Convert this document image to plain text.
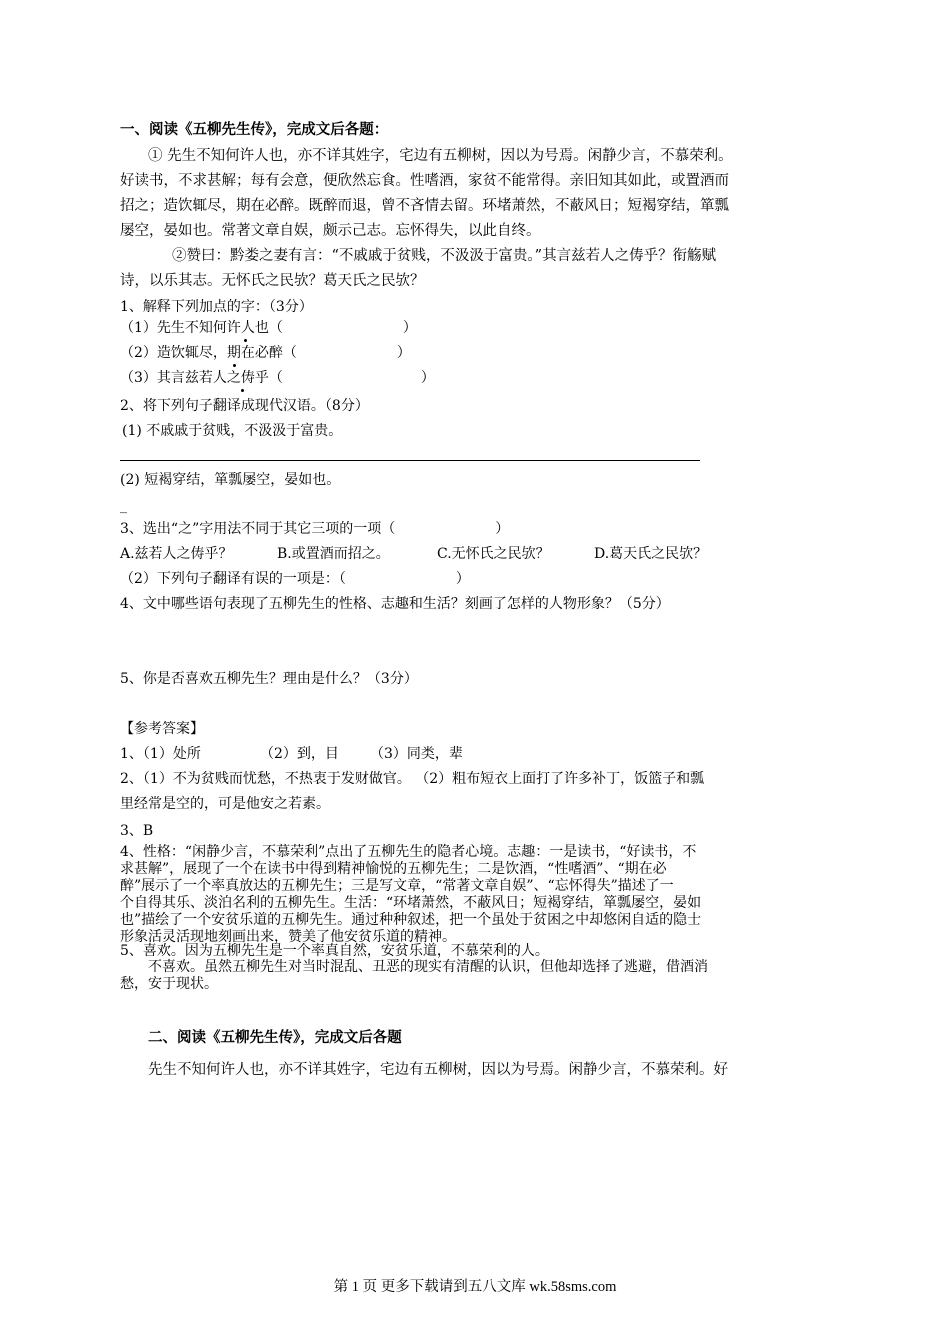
一、阅读《五柳先生传》，完成文后各题：
① 先生不知何许人也，亦不详其姓字，宅边有五柳树，因以为号焉。闲静少言，不慕荣利。
好读书，不求甚解；每有会意，便欣然忘食。性嗜酒，家贫不能常得。亲旧知其如此，或置酒而
招之；造饮辄尽，期在必醉。既醉而退，曾不吝情去留。环堵萧然，不蔽风日；短褐穿结，箪瓢
屡空，晏如也。常著文章自娱，颇示己志。忘怀得失，以此自终。
②赞曰：黔娄之妻有言：“不戚戚于贫贱，不汲汲于富贵。”其言兹若人之俦乎？衔觞赋
诗，以乐其志。无怀氏之民欤？葛天氏之民欤？
1、解释下列加点的字：（3分）
（1）先生不知何许人也（	）
（2）造饮辄尽，期在必醉（	）
（3）其言兹若人之俦乎（	）
2、将下列句子翻译成现代汉语。（8分）
(1) 不戚戚于贫贱，不汲汲于富贵。
(2) 短褐穿结，箪瓢屡空，晏如也。
_
3、选出“之”字用法不同于其它三项的一项（	）
A.兹若人之俦乎？	B.或置酒而招之。	C.无怀氏之民欤？	D.葛天氏之民欤？
（2）下列句子翻译有误的一项是：（	）
4、文中哪些语句表现了五柳先生的性格、志趣和生活？刻画了怎样的人物形象？（5分）
5、你是否喜欢五柳先生？理由是什么？（3分）
【参考答案】
1、（1）处所	（2）到，目 （3）同类，辈
2、（1）不为贫贱而忧愁，不热衷于发财做官。 （2）粗布短衣上面打了许多补丁，饭篮子和瓢
里经常是空的，可是他安之若素。
3、B
4、性格：“闲静少言，不慕荣利”点出了五柳先生的隐者心境。志趣：一是读书，“好读书，不
求甚解”，展现了一个在读书中得到精神愉悦的五柳先生；二是饮酒，“性嗜酒”、“期在必
醉”展示了一个率真放达的五柳先生；三是写文章，“常著文章自娱”、“忘怀得失”描述了一
个自得其乐、淡泊名利的五柳先生。生活：“环堵萧然，不蔽风日；短褐穿结，箪瓢屡空，晏如
也”描绘了一个安贫乐道的五柳先生。通过种种叙述，把一个虽处于贫困之中却悠闲自适的隐士
形象活灵活现地刻画出来，赞美了他安贫乐道的精神。
5、喜欢。因为五柳先生是一个率真自然，安贫乐道，不慕荣利的人。
不喜欢。虽然五柳先生对当时混乱、丑恶的现实有清醒的认识，但他却选择了逃避，借酒消
愁，安于现状。
二、阅读《五柳先生传》，完成文后各题
先生不知何许人也，亦不详其姓字，宅边有五柳树，因以为号焉。闲静少言，不慕荣利。好
第 1 页 更多下载请到五八文库 wk.58sms.com
